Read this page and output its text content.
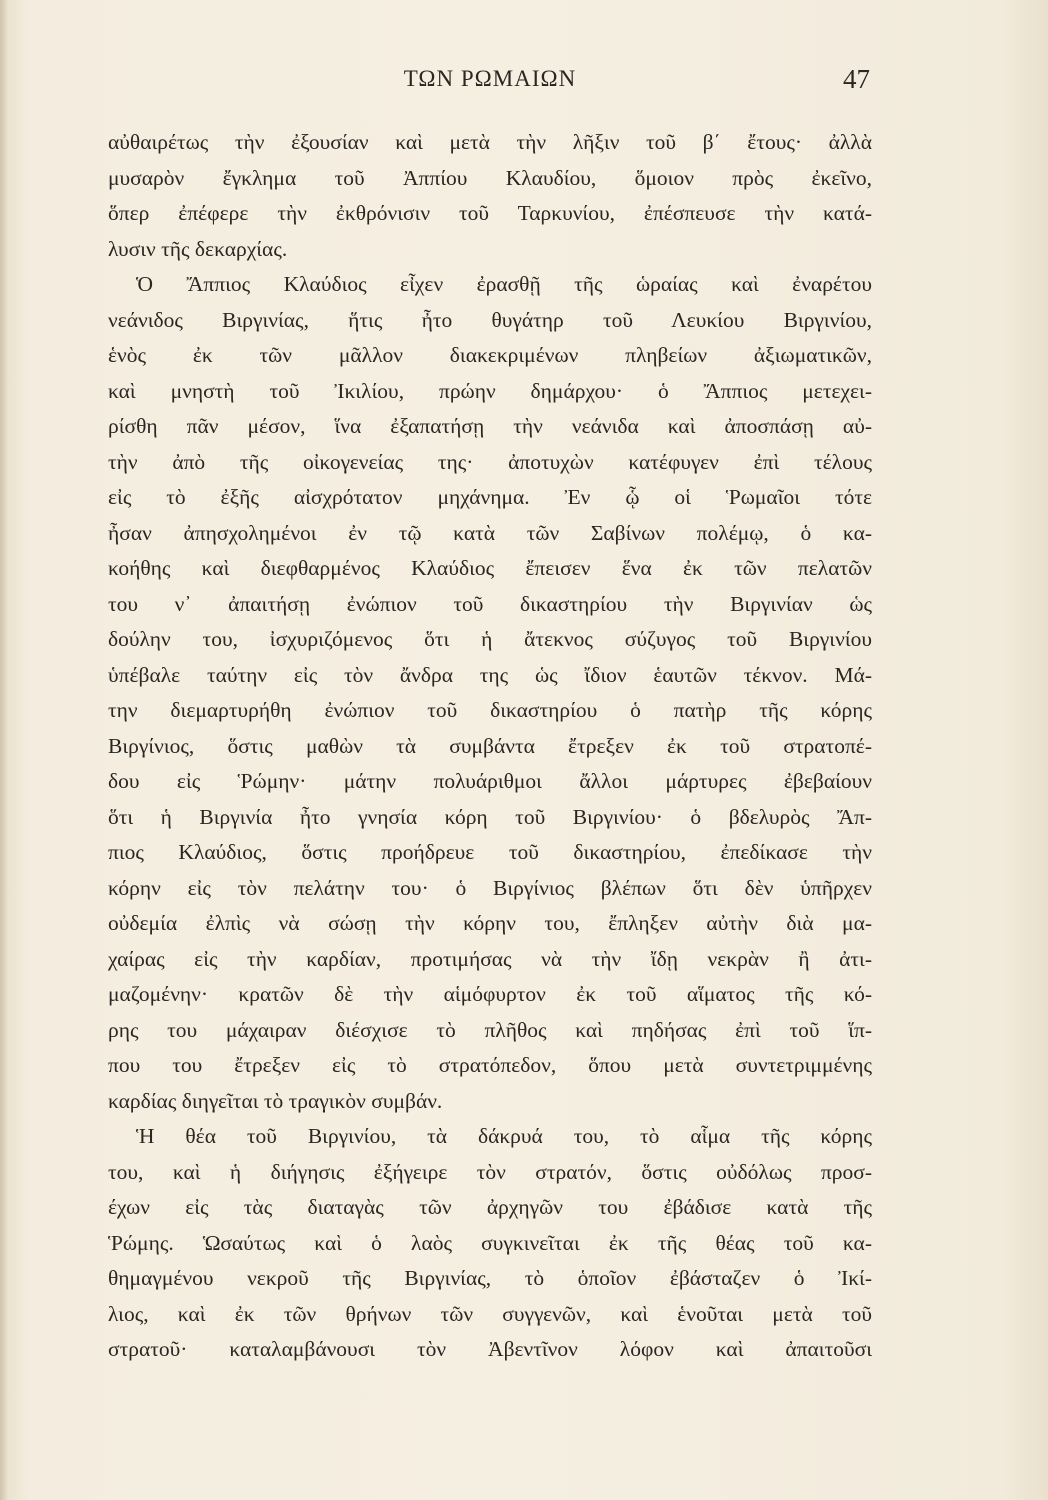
ΤΩΝ ΡΩΜΑΙΩΝ	47
αὐθαιρέτως τὴν ἐξουσίαν καὶ μετὰ τὴν λῆξιν τοῦ β΄ ἔτους· ἀλλὰ
μυσαρὸν ἔγκλημα τοῦ Ἀππίου Κλαυδίου, ὅμοιον πρὸς ἐκεῖνο,
ὅπερ ἐπέφερε τὴν ἐκθρόνισιν τοῦ Ταρκυνίου, ἐπέσπευσε τὴν κατά-
λυσιν τῆς δεκαρχίας.
Ὁ Ἄππιος Κλαύδιος εἶχεν ἐρασθῇ τῆς ὡραίας καὶ ἐναρέτου
νεάνιδος Βιργινίας, ἥτις ἦτο θυγάτηρ τοῦ Λευκίου Βιργινίου,
ἑνὸς ἐκ τῶν μᾶλλον διακεκριμένων πληβείων ἀξιωματικῶν,
καὶ μνηστὴ τοῦ Ἰκιλίου, πρώην δημάρχου· ὁ Ἄππιος μετεχει-
ρίσθη πᾶν μέσον, ἵνα ἐξαπατήσῃ τὴν νεάνιδα καὶ ἀποσπάσῃ αὐ-
τὴν ἀπὸ τῆς οἰκογενείας της· ἀποτυχὼν κατέφυγεν ἐπὶ τέλους
εἰς τὸ ἐξῆς αἰσχρότατον μηχάνημα. Ἐν ᾧ οἱ Ῥωμαῖοι τότε
ἦσαν ἀπησχολημένοι ἐν τῷ κατὰ τῶν Σαβίνων πολέμῳ, ὁ κα-
κοήθης καὶ διεφθαρμένος Κλαύδιος ἔπεισεν ἕνα ἐκ τῶν πελατῶν
του ν᾽ ἀπαιτήσῃ ἐνώπιον τοῦ δικαστηρίου τὴν Βιργινίαν ὡς
δούλην του, ἰσχυριζόμενος ὅτι ἡ ἄτεκνος σύζυγος τοῦ Βιργινίου
ὑπέβαλε ταύτην εἰς τὸν ἄνδρα της ὡς ἴδιον ἑαυτῶν τέκνον. Μά-
την διεμαρτυρήθη ἐνώπιον τοῦ δικαστηρίου ὁ πατὴρ τῆς κόρης
Βιργίνιος, ὅστις μαθὼν τὰ συμβάντα ἔτρεξεν ἐκ τοῦ στρατοπέ-
δου εἰς Ῥώμην· μάτην πολυάριθμοι ἄλλοι μάρτυρες ἐβεβαίουν
ὅτι ἡ Βιργινία ἦτο γνησία κόρη τοῦ Βιργινίου· ὁ βδελυρὸς Ἄπ-
πιος Κλαύδιος, ὅστις προήδρευε τοῦ δικαστηρίου, ἐπεδίκασε τὴν
κόρην εἰς τὸν πελάτην του· ὁ Βιργίνιος βλέπων ὅτι δὲν ὑπῆρχεν
οὐδεμία ἐλπὶς νὰ σώσῃ τὴν κόρην του, ἔπληξεν αὐτὴν διὰ μα-
χαίρας εἰς τὴν καρδίαν, προτιμήσας νὰ τὴν ἴδῃ νεκρὰν ἢ ἀτι-
μαζομένην· κρατῶν δὲ τὴν αἱμόφυρτον ἐκ τοῦ αἵματος τῆς κό-
ρης του μάχαιραν διέσχισε τὸ πλῆθος καὶ πηδήσας ἐπὶ τοῦ ἵπ-
που του ἔτρεξεν εἰς τὸ στρατόπεδον, ὅπου μετὰ συντετριμμένης
καρδίας διηγεῖται τὸ τραγικὸν συμβάν.
Ἡ θέα τοῦ Βιργινίου, τὰ δάκρυά του, τὸ αἷμα τῆς κόρης
του, καὶ ἡ διήγησις ἐξήγειρε τὸν στρατόν, ὅστις οὐδόλως προσ-
έχων εἰς τὰς διαταγὰς τῶν ἀρχηγῶν του ἐβάδισε κατὰ τῆς
Ῥώμης. Ὡσαύτως καὶ ὁ λαὸς συγκινεῖται ἐκ τῆς θέας τοῦ κα-
θημαγμένου νεκροῦ τῆς Βιργινίας, τὸ ὁποῖον ἐβάσταζεν ὁ Ἰκί-
λιος, καὶ ἐκ τῶν θρήνων τῶν συγγενῶν, καὶ ἑνοῦται μετὰ τοῦ
στρατοῦ· καταλαμβάνουσι τὸν Ἀβεντῖνον λόφον καὶ ἀπαιτοῦσι
